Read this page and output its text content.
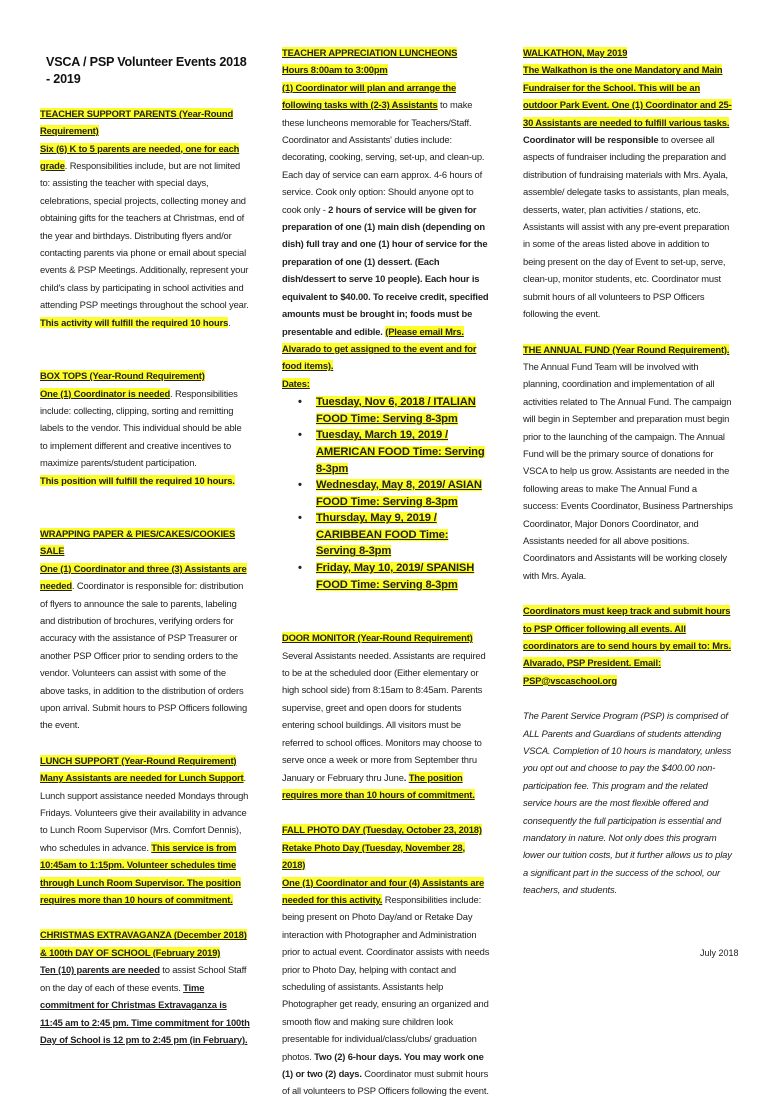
VSCA / PSP Volunteer Events 2018 - 2019

TEACHER SUPPORT PARENTS (Year-Round Requirement)

Six (6) K to 5 parents are needed, one for each grade. Responsibilities include, but are not limited to: assisting the teacher with special days, celebrations, special projects, collecting money and obtaining gifts for the teachers at Christmas, end of the year and birthdays. Distributing flyers and/or contacting parents via phone or email about special events & PSP Meetings. Additionally, represent your child's class by participating in school activities and attending PSP meetings throughout the school year.

This activity will fulfill the required 10 hours.

BOX TOPS (Year-Round Requirement)

One (1) Coordinator is needed. Responsibilities include: collecting, clipping, sorting and remitting labels to the vendor. This individual should be able to implement different and creative incentives to maximize parents/student participation.

This position will fulfill the required 10 hours.

WRAPPING PAPER & PIES/CAKES/COOKIES SALE

One (1) Coordinator and three (3) Assistants are needed. Coordinator is responsible for: distribution of flyers to announce the sale to parents, labeling and distribution of brochures, verifying orders for accuracy with the assistance of PSP Treasurer or another PSP Officer prior to sending orders to the vendor. Volunteers can assist with some of the above tasks, in addition to the distribution of orders upon arrival. Submit hours to PSP Officers following the event.

LUNCH SUPPORT (Year-Round Requirement)

Many Assistants are needed for Lunch Support. Lunch support assistance needed Mondays through Fridays. Volunteers give their availability in advance to Lunch Room Supervisor (Mrs. Comfort Dennis), who schedules in advance. This service is from 10:45am to 1:15pm. Volunteer schedules time through Lunch Room Supervisor. The position requires more than 10 hours of commitment.

CHRISTMAS EXTRAVAGANZA (December 2018) & 100th DAY OF SCHOOL (February 2019)

Ten (10) parents are needed to assist School Staff on the day of each of these events. Time commitment for Christmas Extravaganza is 11:45 am to 2:45 pm. Time commitment for 100th Day of School is 12 pm to 2:45 pm (in February).

TEACHER APPRECIATION LUNCHEONS

Hours 8:00am to 3:00pm

(1) Coordinator will plan and arrange the following tasks with (2-3) Assistants to make these luncheons memorable for Teachers/Staff. Coordinator and Assistants' duties include: decorating, cooking, serving, set-up, and clean-up. Each day of service can earn approx. 4-6 hours of service. Cook only option: Should anyone opt to cook only - 2 hours of service will be given for preparation of one (1) main dish (depending on dish) full tray and one (1) hour of service for the preparation of one (1) dessert. (Each dish/dessert to serve 10 people). Each hour is equivalent to $40.00. To receive credit, specified amounts must be brought in; foods must be presentable and edible. (Please email Mrs. Alvarado to get assigned to the event and for food items).

Dates:

• Tuesday, Nov 6, 2018 / ITALIAN FOOD Time: Serving 8-3pm
• Tuesday, March 19, 2019 / AMERICAN FOOD Time: Serving 8-3pm
• Wednesday, May 8, 2019/ ASIAN FOOD Time: Serving 8-3pm
• Thursday, May 9, 2019 / CARIBBEAN FOOD Time: Serving 8-3pm
• Friday, May 10, 2019/ SPANISH FOOD Time: Serving 8-3pm

DOOR MONITOR (Year-Round Requirement)

Several Assistants needed. Assistants are required to be at the scheduled door (Either elementary or high school side) from 8:15am to 8:45am. Parents supervise, greet and open doors for students entering school buildings. All visitors must be referred to school offices. Monitors may choose to serve once a week or more from September thru January or February thru June. The position requires more than 10 hours of commitment.

FALL PHOTO DAY (Tuesday, October 23, 2018)

Retake Photo Day (Tuesday, November 28, 2018)

One (1) Coordinator and four (4) Assistants are needed for this activity. Responsibilities include: being present on Photo Day/and or Retake Day interaction with Photographer and Administration prior to actual event. Coordinator assists with needs prior to Photo Day, helping with contact and scheduling of assistants. Assistants help Photographer get ready, ensuring an organized and smooth flow and making sure children look presentable for individual/class/clubs/ graduation photos. Two (2) 6-hour days. You may work one (1) or two (2) days. Coordinator must submit hours of all volunteers to PSP Officers following the event.

WALKATHON, May 2019

The Walkathon is the one Mandatory and Main Fundraiser for the School. This will be an outdoor Park Event. One (1) Coordinator and 25-30 Assistants are needed to fulfill various tasks. Coordinator will be responsible to oversee all aspects of fundraiser including the preparation and distribution of fundraising materials with Mrs. Ayala, assemble/ delegate tasks to assistants, plan meals, desserts, water, plan activities / stations, etc. Assistants will assist with any pre-event preparation in some of the areas listed above in addition to being present on the day of Event to set-up, serve, clean-up, monitor students, etc. Coordinator must submit hours of all volunteers to PSP Officers following the event.

THE ANNUAL FUND (Year Round Requirement). The Annual Fund Team will be involved with planning, coordination and implementation of all activities related to The Annual Fund. The campaign will begin in September and preparation must begin prior to the launching of the campaign. The Annual Fund will be the primary source of donations for VSCA to help us grow. Assistants are needed in the following areas to make The Annual Fund a success: Events Coordinator, Business Partnerships Coordinator, Major Donors Coordinator, and Assistants needed for all above positions. Coordinators and Assistants will be working closely with Mrs. Ayala.

Coordinators must keep track and submit hours to PSP Officer following all events. All coordinators are to send hours by email to: Mrs. Alvarado, PSP President. Email: PSP@vscaschool.org

The Parent Service Program (PSP) is comprised of ALL Parents and Guardians of students attending VSCA. Completion of 10 hours is mandatory, unless you opt out and choose to pay the $400.00 non-participation fee. This program and the related service hours are the most flexible offered and consequently the full participation is essential and mandatory in nature. Not only does this program lower our tuition costs, but it further allows us to play a significant part in the success of the school, our teachers, and students.

July 2018
